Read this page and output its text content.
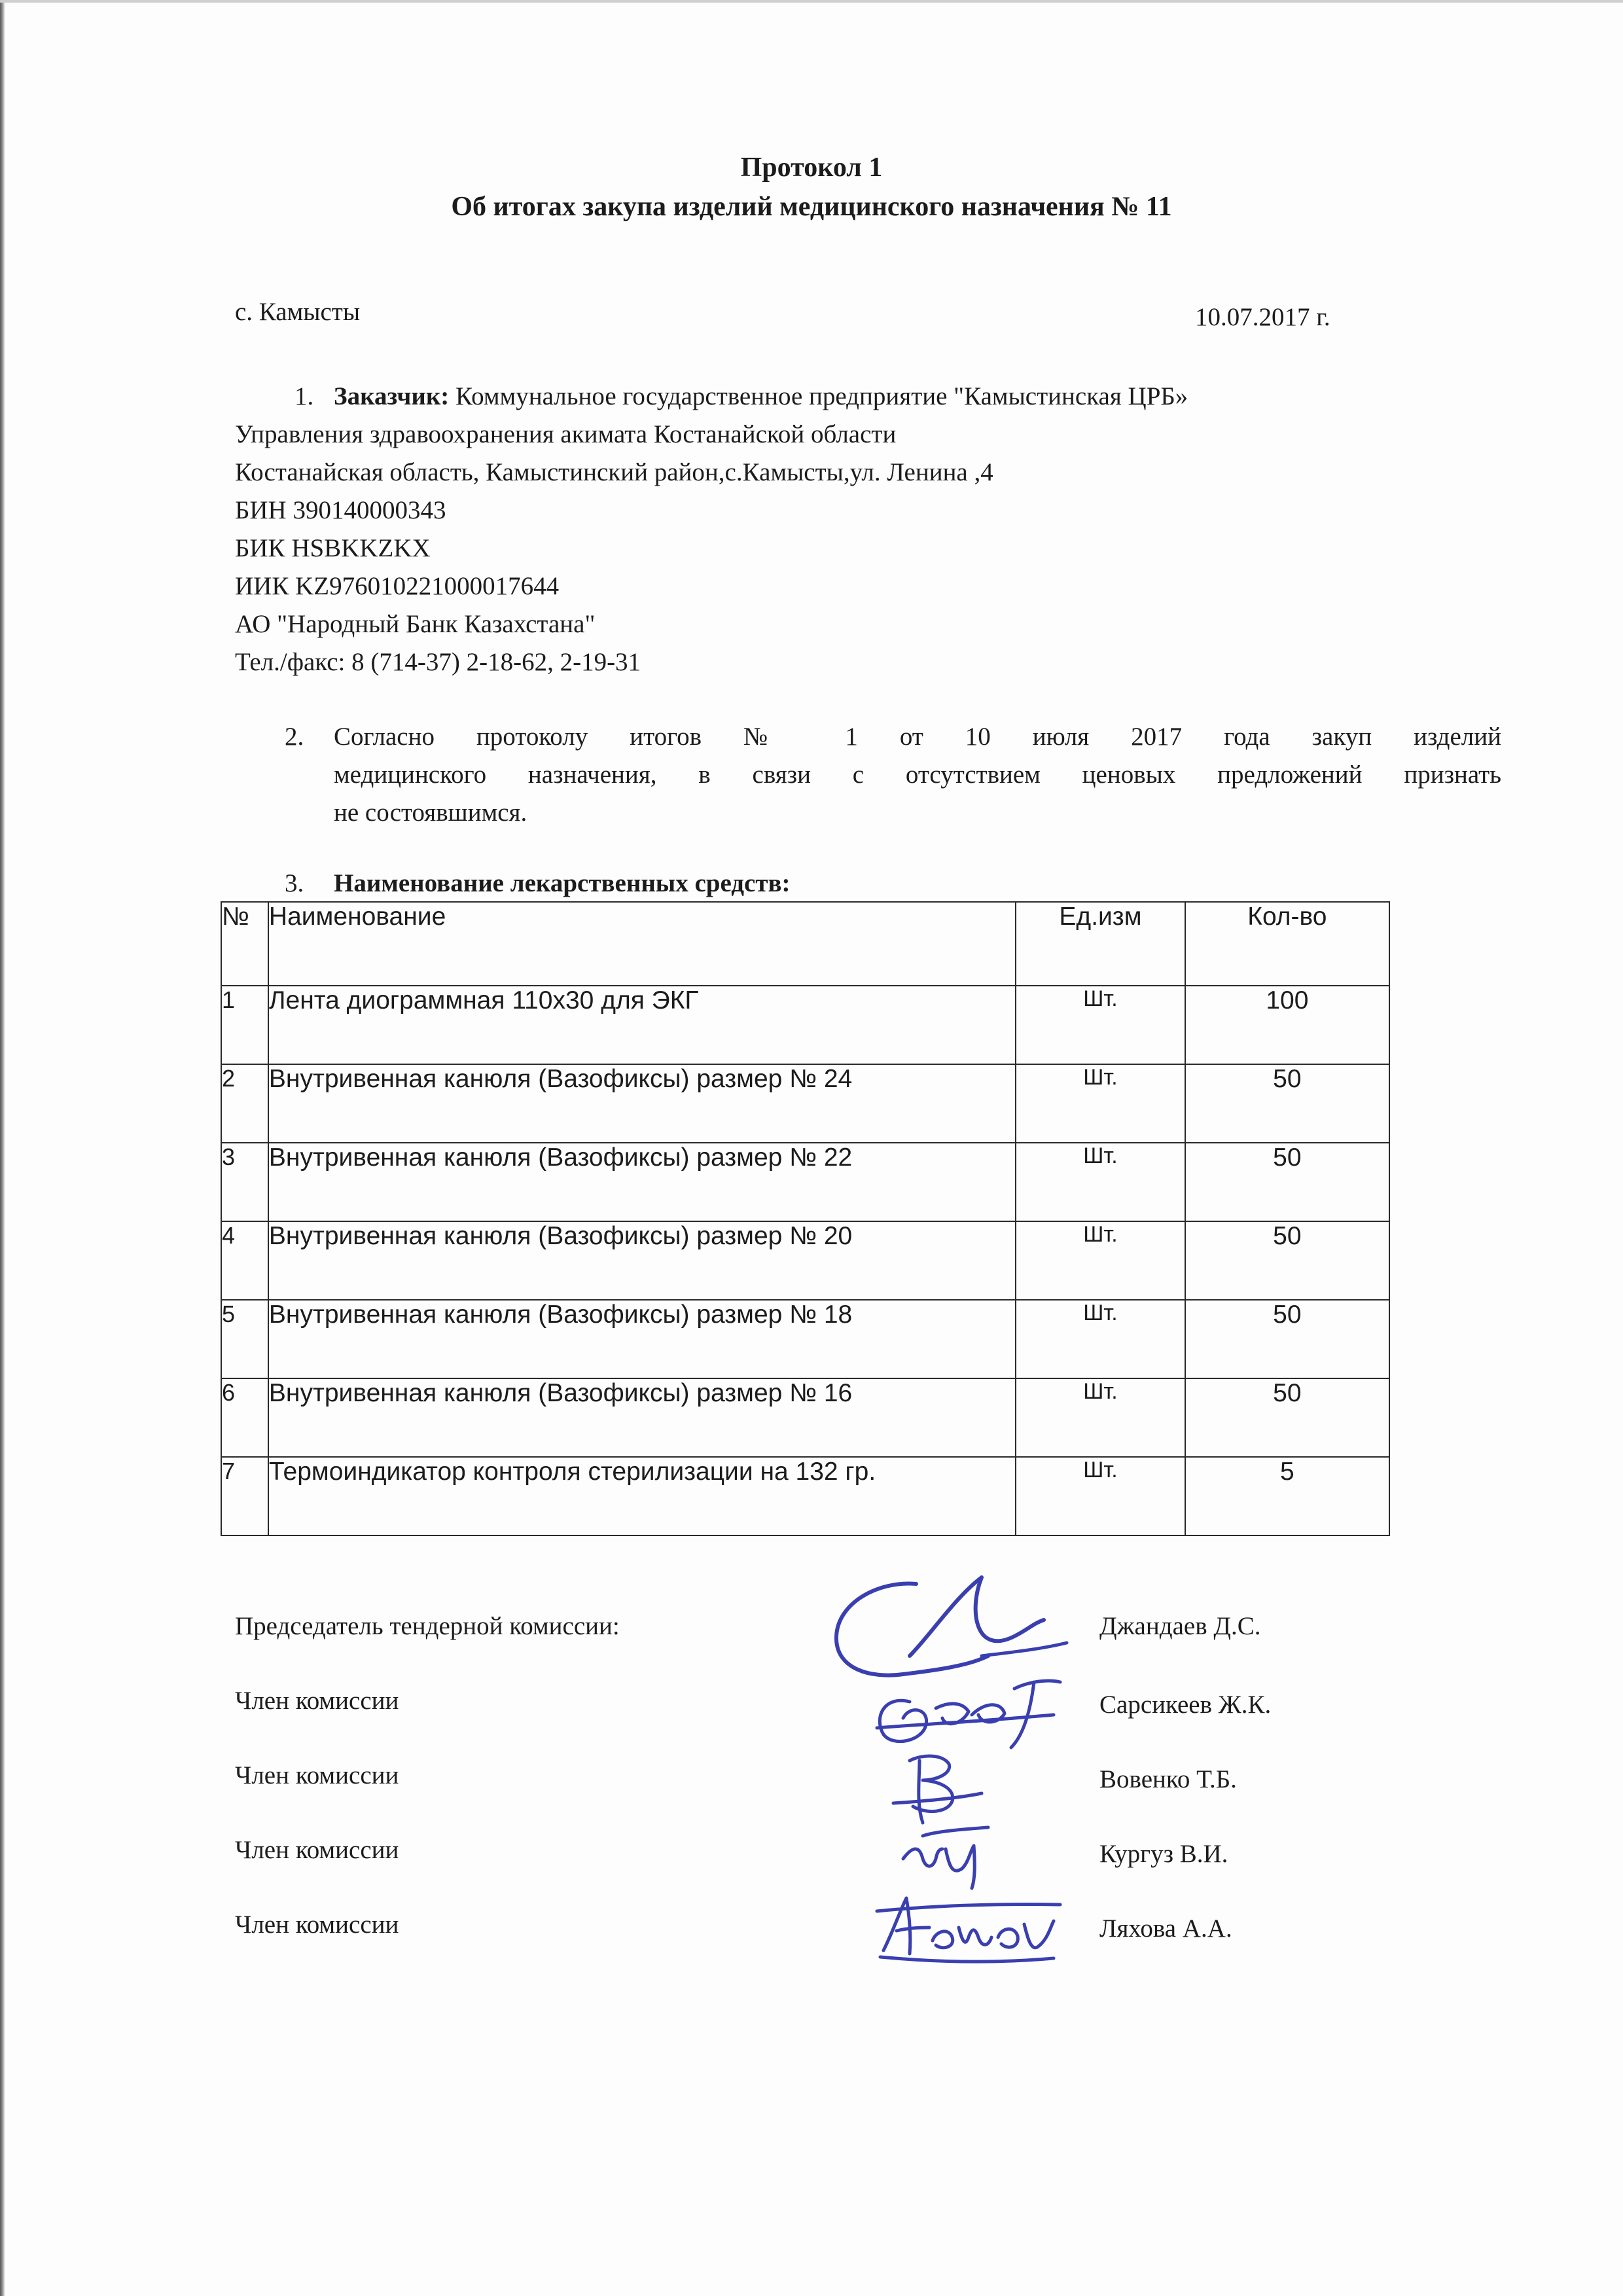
Протокол 1
Об итогах закупа изделий медицинского назначения № 11
с. Камысты	10.07.2017 г.
1. Заказчик: Коммунальное государственное предприятие "Камыстинская ЦРБ»
Управления здравоохранения акимата Костанайской области
Костанайская область, Камыстинский район,с.Камысты,ул. Ленина ,4
БИН 390140000343
БИК HSBKKZKX
ИИК KZ976010221000017644
АО "Народный Банк Казахстана"
Тел./факс: 8 (714-37) 2-18-62, 2-19-31
2. Согласно протоколу итогов № 1 от 10 июля 2017 года закуп изделий
медицинского назначения, в связи с отсутствием ценовых предложений признать
не состоявшимся.
3. Наименование лекарственных средств:
№	Наименование	Ед.изм	Кол-во
1	Лента диограммная 110х30 для ЭКГ	Шт.	100
2	Внутривенная канюля (Вазофиксы) размер № 24	Шт.	50
3	Внутривенная канюля (Вазофиксы) размер № 22	Шт.	50
4	Внутривенная канюля (Вазофиксы) размер № 20	Шт.	50
5	Внутривенная канюля (Вазофиксы) размер № 18	Шт.	50
6	Внутривенная канюля (Вазофиксы) размер № 16	Шт.	50
7	Термоиндикатор контроля стерилизации на 132 гр.	Шт.	5
Председатель тендерной комиссии:	Джандаев Д.С.
Член комиссии	Сарсикеев Ж.К.
Член комиссии	Вовенко Т.Б.
Член комиссии	Кургуз В.И.
Член комиссии	Ляхова А.А.
